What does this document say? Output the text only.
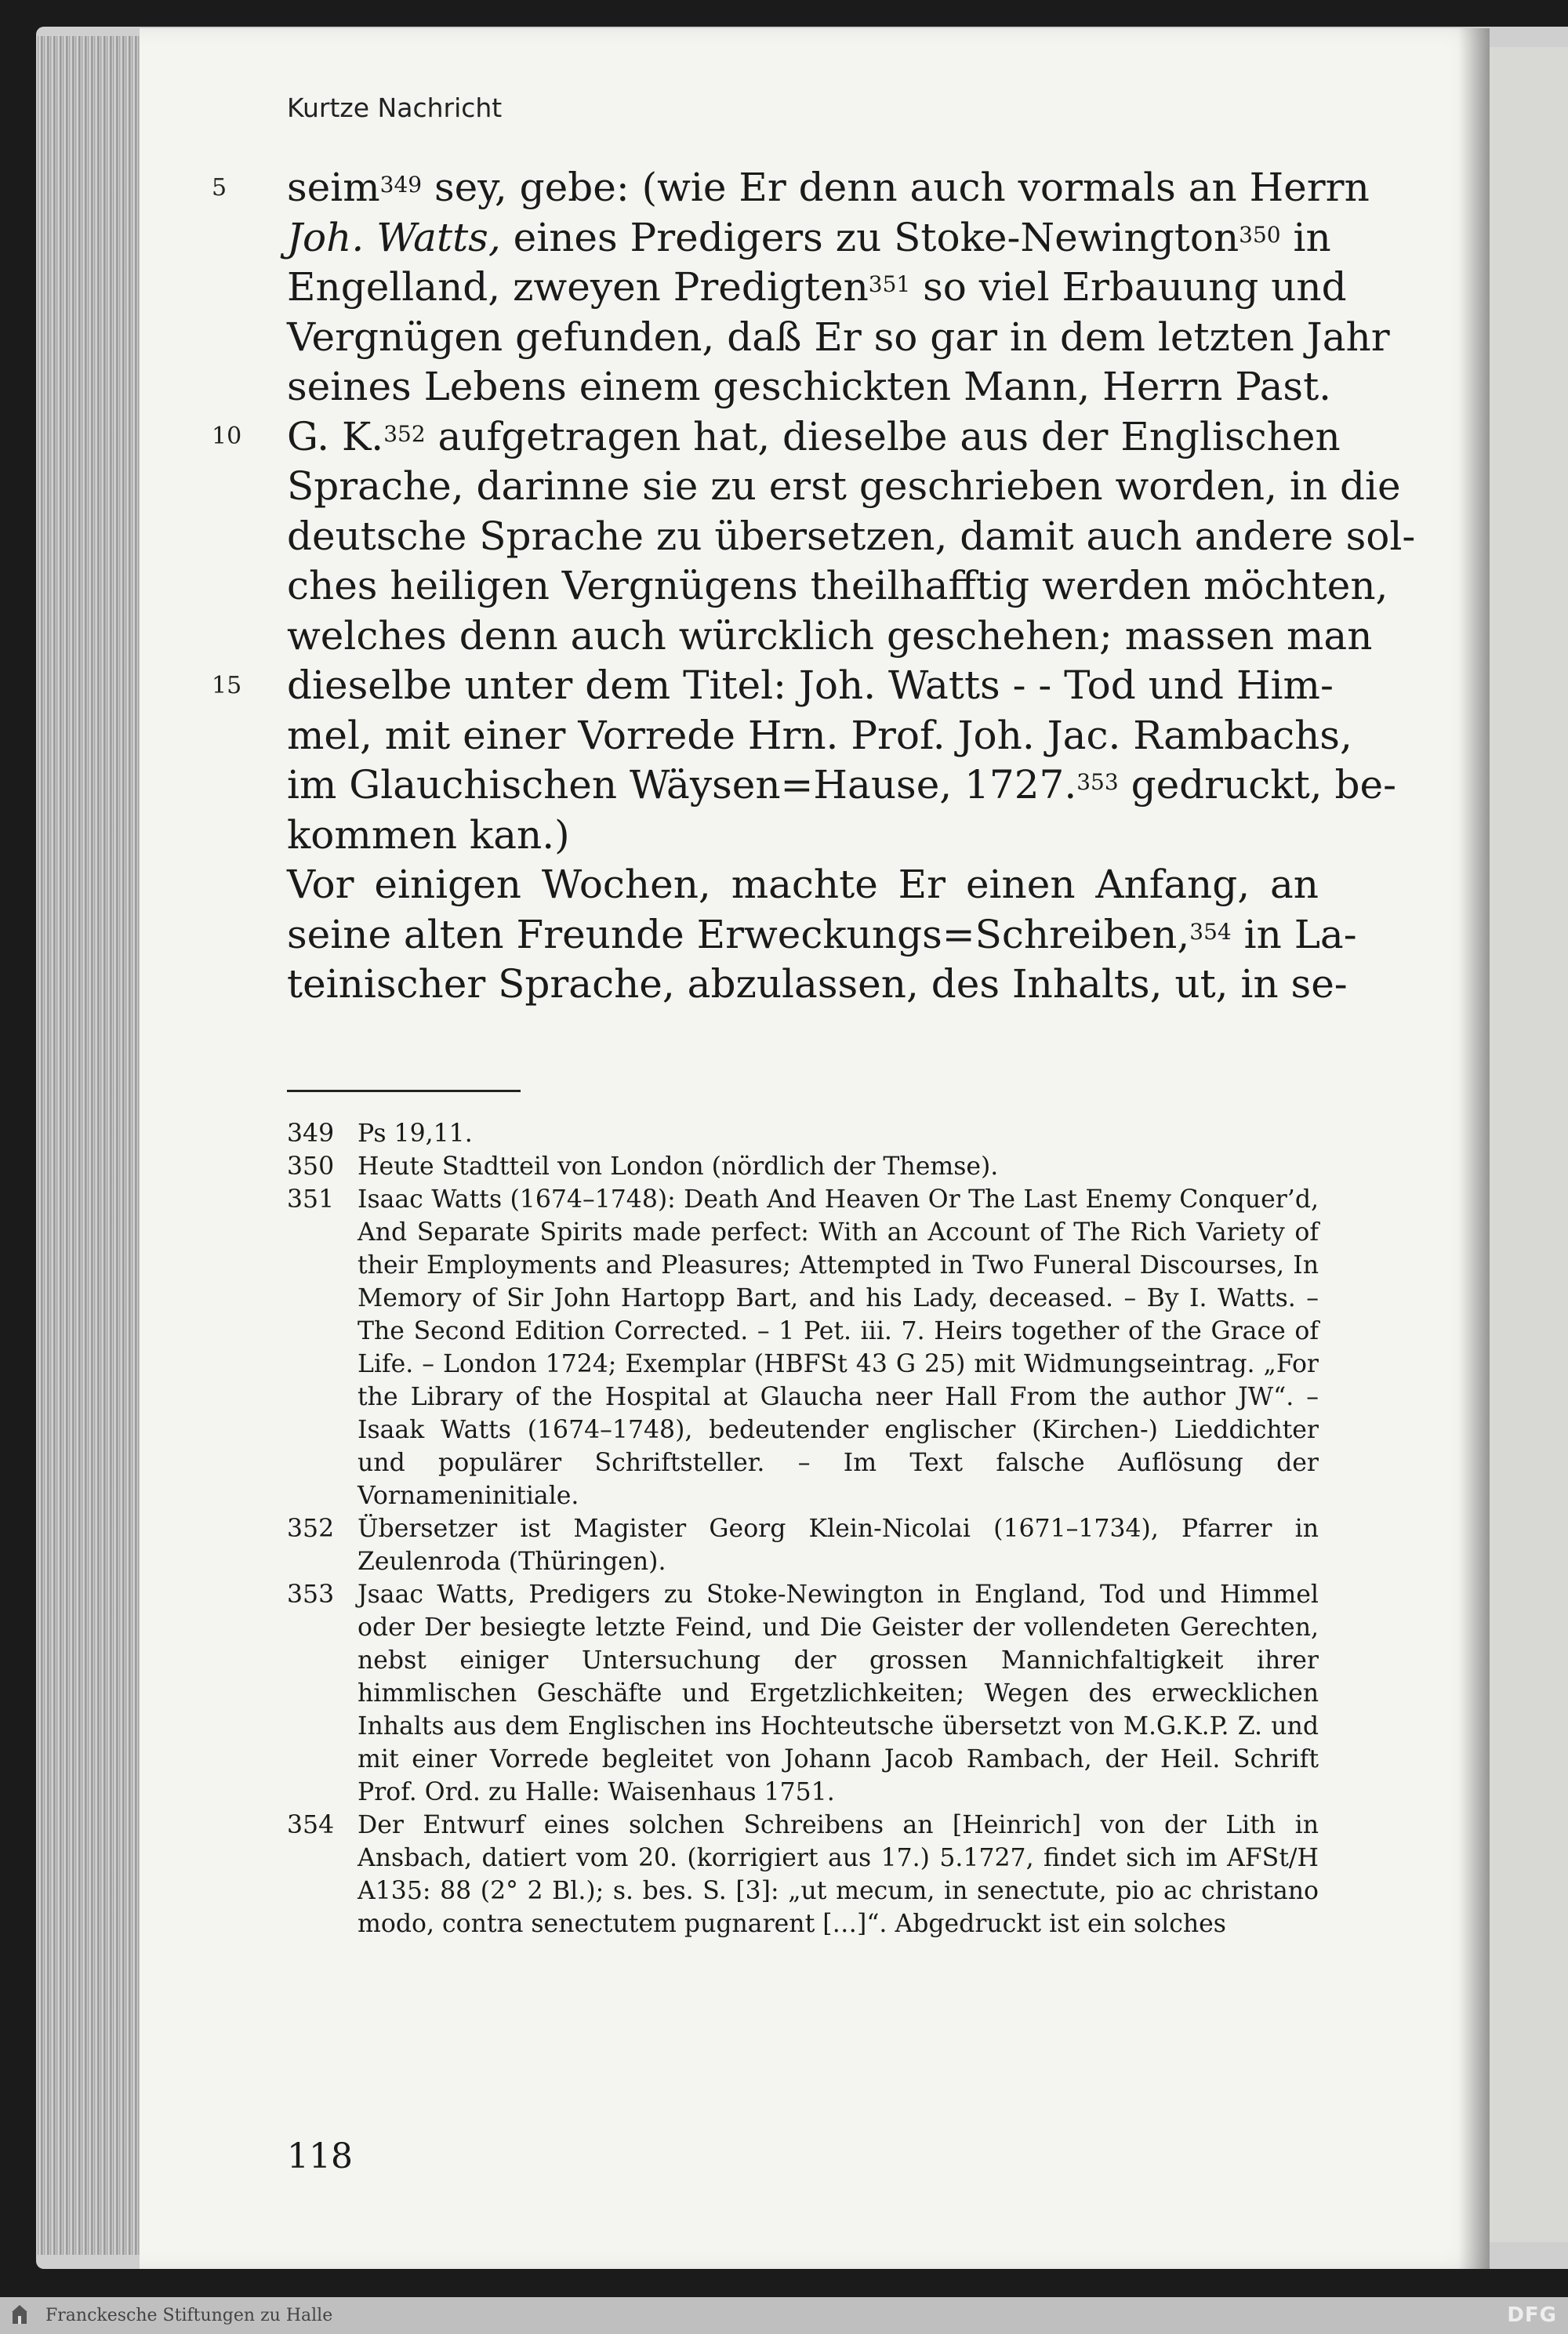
Kurtze Nachricht
seim$^{349}$ sey, gebe: (wie Er denn auch vormals an Herrn
Joh. Watts, eines Predigers zu Stoke-Newington$^{350}$ in
Engelland, zweyen Predigten$^{351}$ so viel Erbauung und
Vergnügen gefunden, daß Er so gar in dem letzten Jahr
seines Lebens einem geschickten Mann, Herrn Past.
G. K.$^{352}$ aufgetragen hat, dieselbe aus der Englischen
Sprache, darinne sie zu erst geschrieben worden, in die
deutsche Sprache zu übersetzen, damit auch andere sol-
ches heiligen Vergnügens theilhafftig werden möchten,
welches denn auch würcklich geschehen; massen man
dieselbe unter dem Titel: Joh. Watts - - Tod und Him-
mel, mit einer Vorrede Hrn. Prof. Joh. Jac. Rambachs,
im Glauchischen Wäysen=Hause, 1727.$^{353}$ gedruckt, be-
kommen kan.)
Vor einigen Wochen, machte Er einen Anfang, an
seine alten Freunde Erweckungs=Schreiben,$^{354}$ in La-
teinischer Sprache, abzulassen, des Inhalts, ut, in se-
5
10
15
349 Ps 19,11.
350 Heute Stadtteil von London (nördlich der Themse).
351 Isaac Watts (1674–1748): Death And Heaven Or The Last Enemy Conquer’d, And Separate Spirits made perfect: With an Account of The Rich Variety of their Employments and Pleasures; Attempted in Two Funeral Discourses, In Memory of Sir John Hartopp Bart, and his Lady, deceased. – By I. Watts. – The Second Edition Corrected. – 1 Pet. iii. 7. Heirs together of the Grace of Life. – London 1724; Exemplar (HBFSt 43 G 25) mit Widmungseintrag. „For the Library of the Hospital at Glaucha neer Hall From the author JW“. – Isaak Watts (1674–1748), bedeutender englischer (Kirchen-) Lieddichter und populärer Schriftsteller. – Im Text falsche Auflösung der Vornameninitiale.
352 Übersetzer ist Magister Georg Klein-Nicolai (1671–1734), Pfarrer in Zeulenroda (Thüringen).
353 Jsaac Watts, Predigers zu Stoke-Newington in England, Tod und Himmel oder Der besiegte letzte Feind, und Die Geister der vollendeten Gerechten, nebst einiger Untersuchung der grossen Mannichfaltigkeit ihrer himmlischen Geschäfte und Ergetzlichkeiten; Wegen des erwecklichen Inhalts aus dem Englischen ins Hochteutsche übersetzt von M.G.K.P. Z. und mit einer Vorrede begleitet von Johann Jacob Rambach, der Heil. Schrift Prof. Ord. zu Halle: Waisenhaus 1751.
354 Der Entwurf eines solchen Schreibens an [Heinrich] von der Lith in Ansbach, datiert vom 20. (korrigiert aus 17.) 5.1727, findet sich im AFSt/H A135: 88 (2° 2 Bl.); s. bes. S. [3]: „ut mecum, in senectute, pio ac christano modo, contra senectutem pugnarent […]“. Abgedruckt ist ein solches
118
Franckesche Stiftungen zu Halle	DFG
